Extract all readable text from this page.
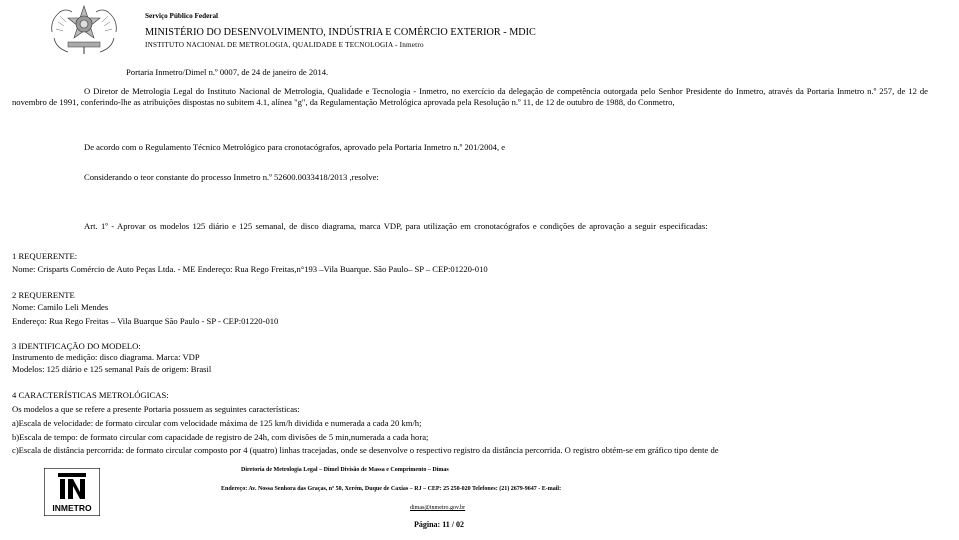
Serviço Público Federal
MINISTÉRIO DO DESENVOLVIMENTO, INDÚSTRIA E COMÉRCIO EXTERIOR - MDIC
INSTITUTO NACIONAL DE METROLOGIA, QUALIDADE E TECNOLOGIA - Inmetro
Portaria Inmetro/Dimel n.º 0007, de 24 de janeiro de 2014.
O Diretor de Metrologia Legal do Instituto Nacional de Metrologia, Qualidade e Tecnologia - Inmetro, no exercício da delegação de competência outorgada pelo Senhor Presidente do Inmetro, através da Portaria Inmetro n.º 257, de 12 de novembro de 1991, conferindo-lhe as atribuições dispostas no subitem 4.1, alínea "g", da Regulamentação Metrológica aprovada pela Resolução n.º 11, de 12 de outubro de 1988, do Conmetro,
De acordo com o Regulamento Técnico Metrológico para cronotacógrafos, aprovado pela Portaria Inmetro n.º 201/2004, e
Considerando o teor constante do processo Inmetro n.º 52600.0033418/2013 ,resolve:
Art. 1º - Aprovar os modelos 125 diário e 125 semanal, de disco diagrama, marca VDP, para utilização em cronotacógrafos e condições de aprovação a seguir especificadas:
1 REQUERENTE:
Nome: Crisparts Comércio de Auto Peças Ltda. - ME Endereço: Rua Rego Freitas,n°193 –Vila Buarque. São Paulo– SP – CEP:01220-010
2 REQUERENTE
Nome: Camilo Leli Mendes
Endereço: Rua Rego Freitas – Vila Buarque São Paulo - SP - CEP:01220-010
3 IDENTIFICAÇÃO DO MODELO:
Instrumento de medição: disco diagrama. Marca: VDP
Modelos: 125 diário e 125 semanal País de origem: Brasil
4 CARACTERÍSTICAS METROLÓGICAS:
Os modelos a que se refere a presente Portaria possuem as seguintes características:
a)Escala de velocidade: de formato circular com velocidade máxima de 125 km/h dividida e numerada a cada 20 km/h;
b)Escala de tempo: de formato circular com capacidade de registro de 24h, com divisões de 5 min,numerada a cada hora;
c)Escala de distância percorrida: de formato circular composto por 4 (quatro) linhas tracejadas, onde se desenvolve o respectivo registro da distância percorrida. O registro obtém-se em gráfico tipo dente de
INMETRO
Diretoria de Metrologia Legal – Dimel Divisão de Massa e Comprimento – Dimas
Endereço: Av. Nossa Senhora das Graças, nº 50, Xerém, Duque de Caxias – RJ – CEP: 25 250-020 Telefones: (21) 2679-9647 - E-mail:
dimas@inmetro.gov.br
Página: 11 / 02
